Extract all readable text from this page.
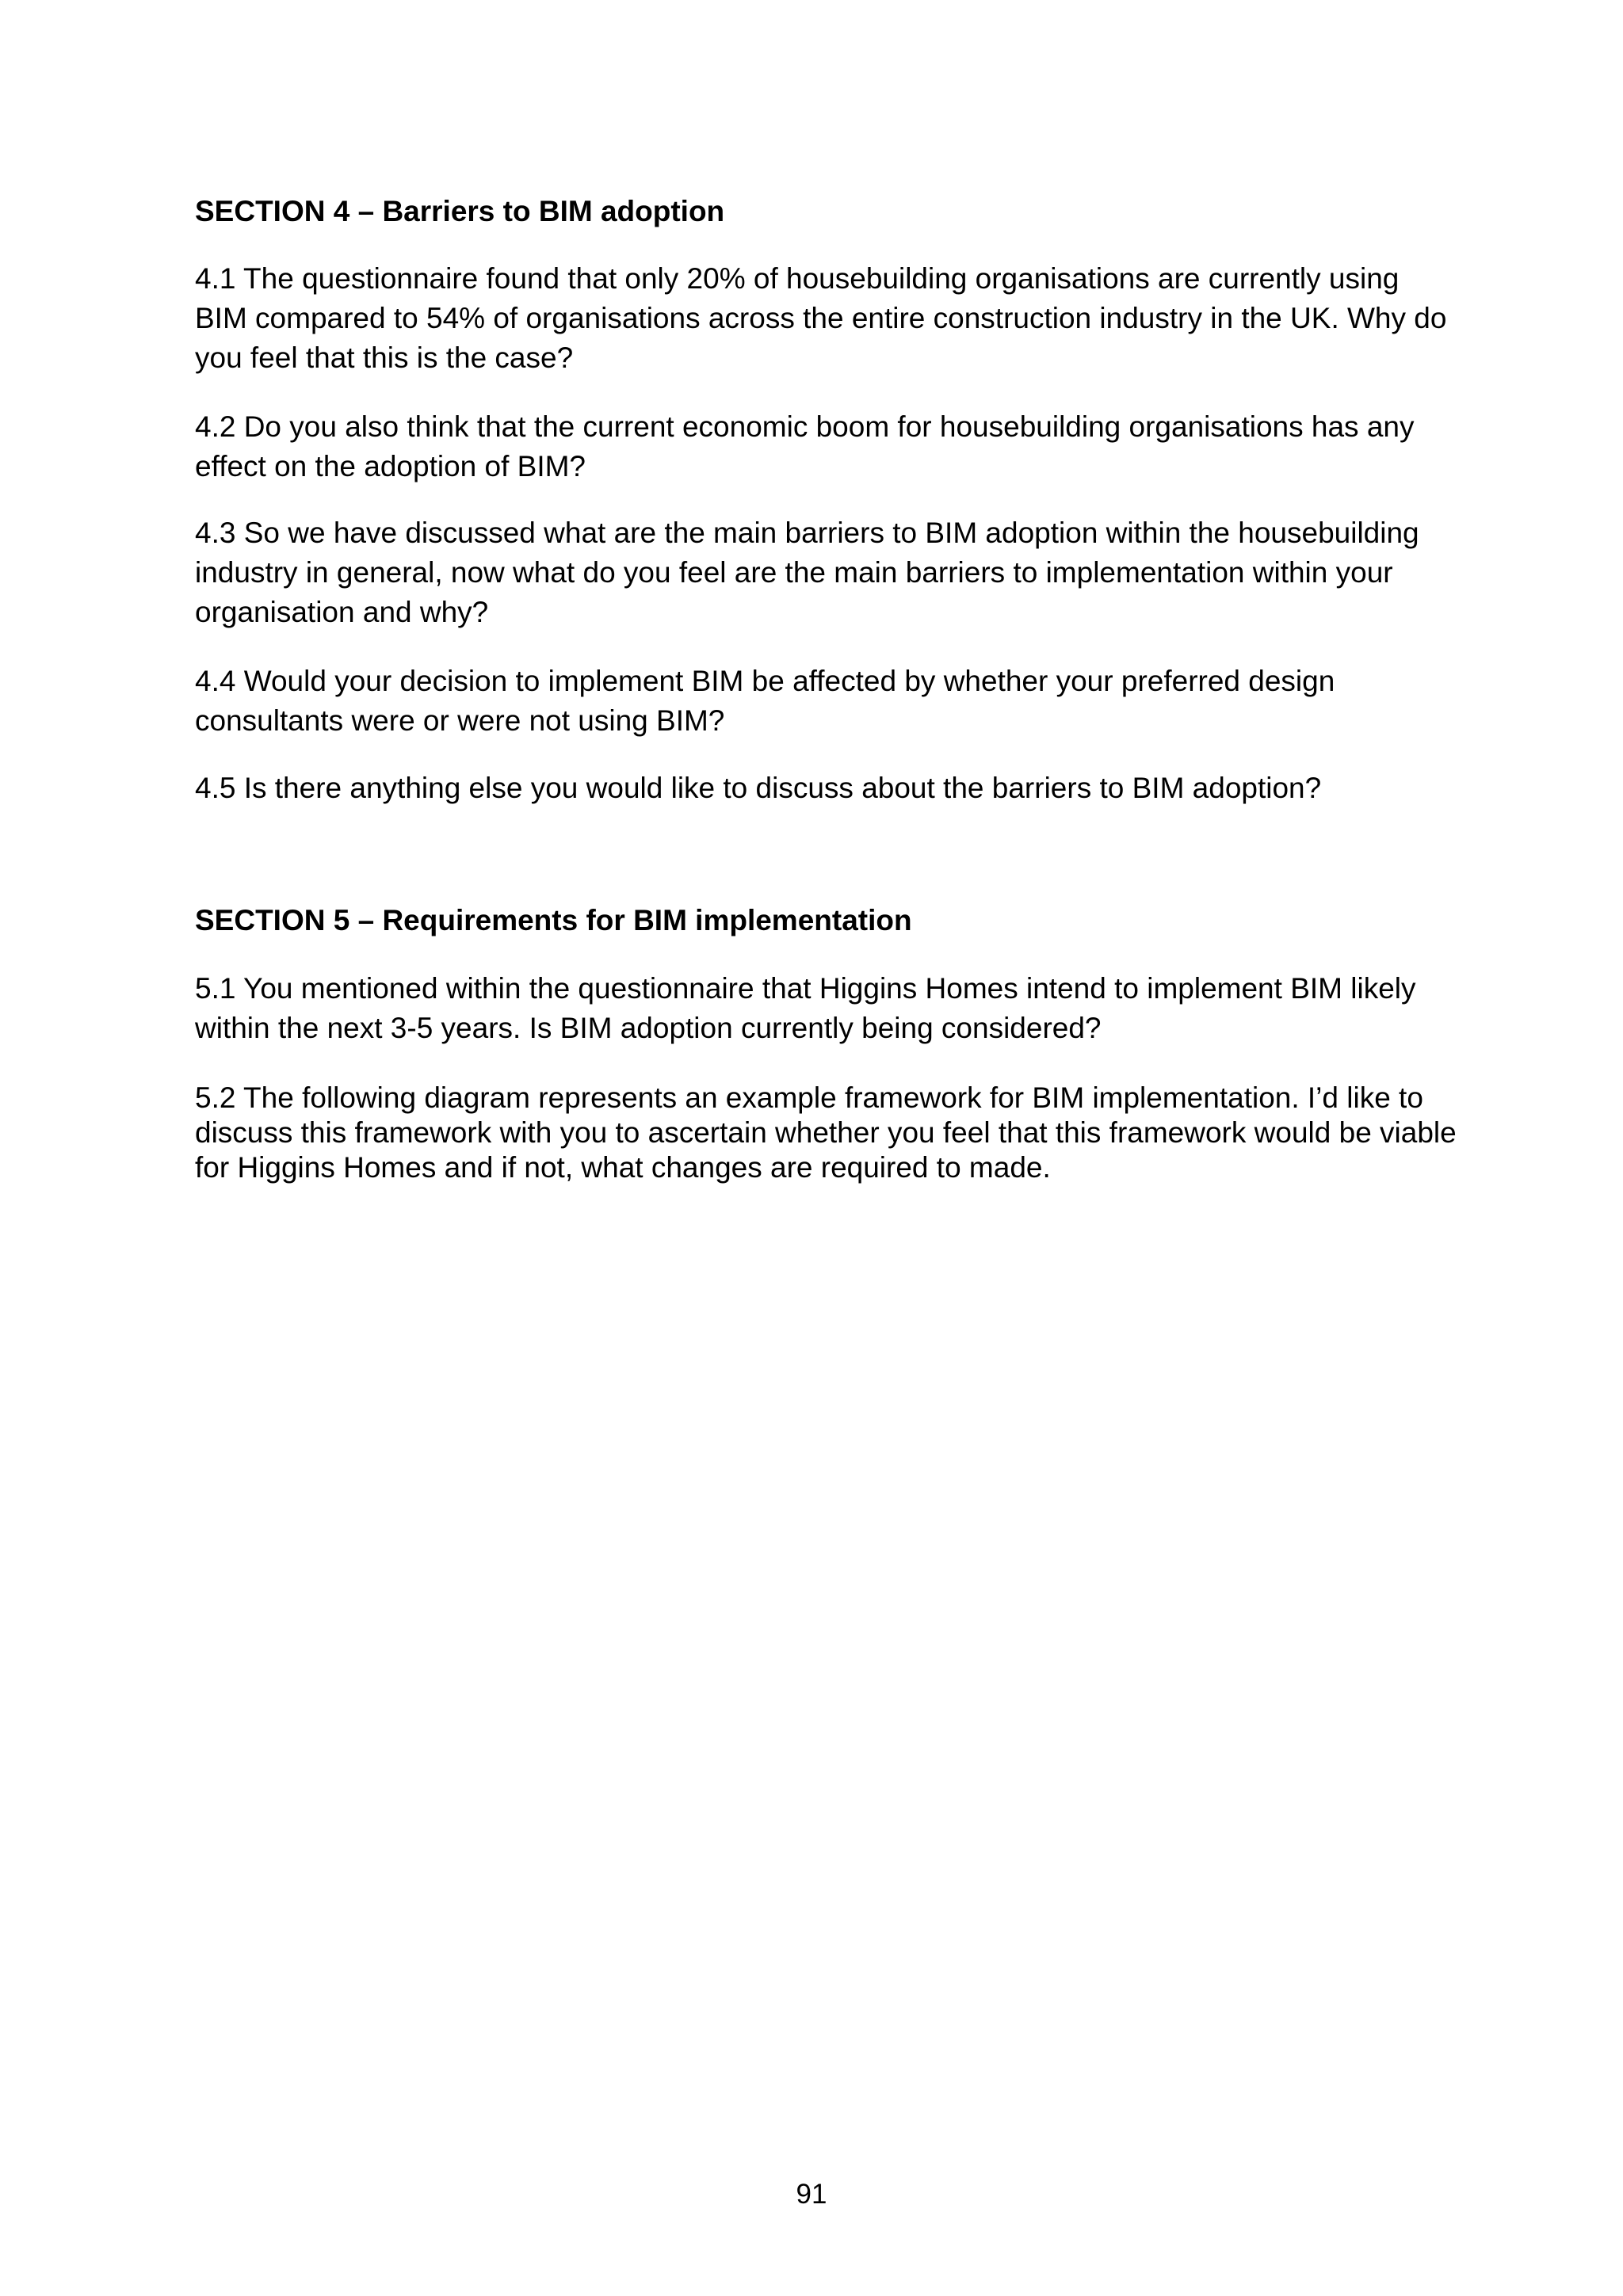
SECTION 4 – Barriers to BIM adoption

4.1 The questionnaire found that only 20% of housebuilding organisations are currently using BIM compared to 54% of organisations across the entire construction industry in the UK. Why do you feel that this is the case?

4.2 Do you also think that the current economic boom for housebuilding organisations has any effect on the adoption of BIM?

4.3 So we have discussed what are the main barriers to BIM adoption within the housebuilding industry in general, now what do you feel are the main barriers to implementation within your organisation and why?

4.4 Would your decision to implement BIM be affected by whether your preferred design consultants were or were not using BIM?

4.5 Is there anything else you would like to discuss about the barriers to BIM adoption?

SECTION 5 – Requirements for BIM implementation

5.1 You mentioned within the questionnaire that Higgins Homes intend to implement BIM likely within the next 3-5 years. Is BIM adoption currently being considered?

5.2 The following diagram represents an example framework for BIM implementation. I’d like to discuss this framework with you to ascertain whether you feel that this framework would be viable for Higgins Homes and if not, what changes are required to made.

91
